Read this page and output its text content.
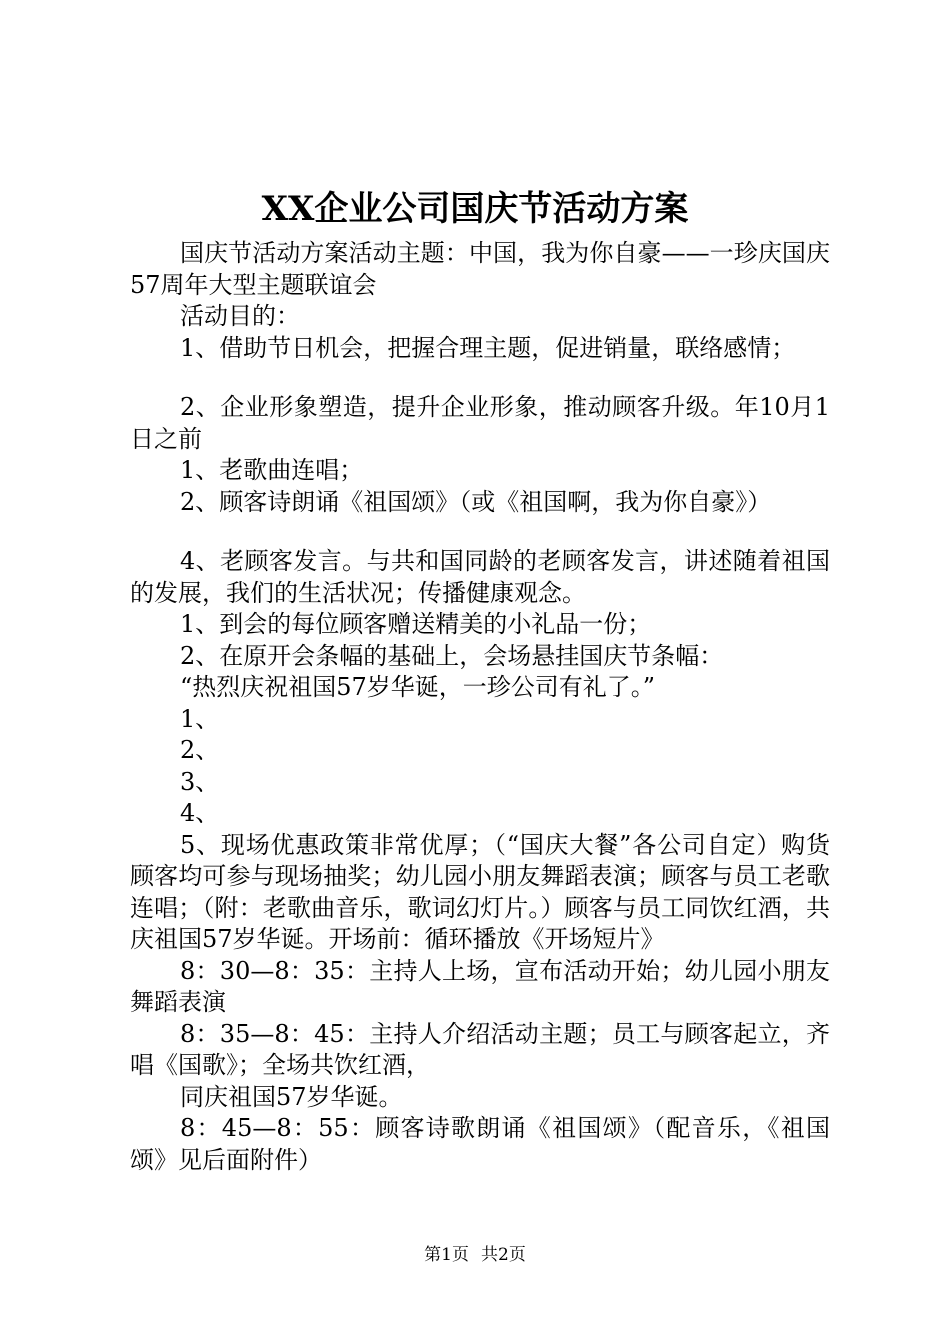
XX企业公司国庆节活动方案

国庆节活动方案活动主题：中国，我为你自豪——一珍庆国庆57周年大型主题联谊会

活动目的：

1、借助节日机会，把握合理主题，促进销量，联络感情；

2、企业形象塑造，提升企业形象，推动顾客升级。年10月1日之前

1、老歌曲连唱；

2、顾客诗朗诵《祖国颂》（或《祖国啊，我为你自豪》）

4、老顾客发言。与共和国同龄的老顾客发言，讲述随着祖国的发展，我们的生活状况；传播健康观念。

1、到会的每位顾客赠送精美的小礼品一份；

2、在原开会条幅的基础上，会场悬挂国庆节条幅：

“热烈庆祝祖国57岁华诞，一珍公司有礼了。”

1、

2、

3、

4、

5、现场优惠政策非常优厚；（“国庆大餐”各公司自定）购货顾客均可参与现场抽奖；幼儿园小朋友舞蹈表演；顾客与员工老歌连唱；（附：老歌曲音乐，歌词幻灯片。）顾客与员工同饮红酒，共庆祖国57岁华诞。开场前：循环播放《开场短片》

8：30—8：35：主持人上场，宣布活动开始；幼儿园小朋友舞蹈表演

8：35—8：45：主持人介绍活动主题；员工与顾客起立，齐唱《国歌》；全场共饮红酒，

同庆祖国57岁华诞。

8：45—8：55：顾客诗歌朗诵《祖国颂》（配音乐，《祖国颂》见后面附件）

第1页 共2页
